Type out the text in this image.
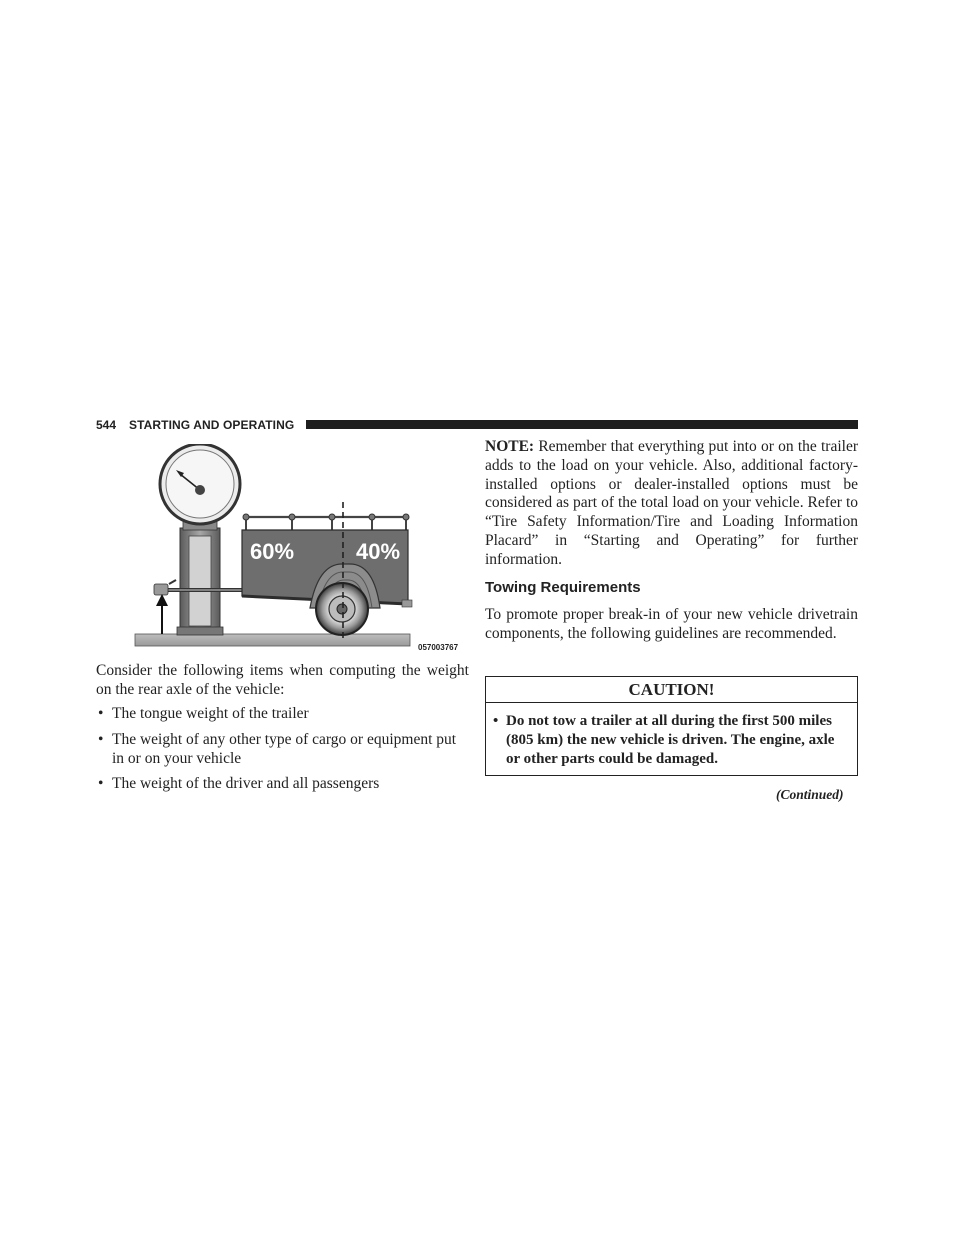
544 STARTING AND OPERATING
60%	40%
057003767

Consider the following items when computing the weight on the rear axle of the vehicle:

• The tongue weight of the trailer
• The weight of any other type of cargo or equipment put in or on your vehicle
• The weight of the driver and all passengers

NOTE: Remember that everything put into or on the trailer adds to the load on your vehicle. Also, additional factory-installed options or dealer-installed options must be considered as part of the total load on your vehicle. Refer to “Tire Safety Information/Tire and Loading Information Placard” in “Starting and Operating” for further information.

Towing Requirements

To promote proper break-in of your new vehicle drivetrain components, the following guidelines are recommended.

CAUTION!
• Do not tow a trailer at all during the first 500 miles (805 km) the new vehicle is driven. The engine, axle or other parts could be damaged.
(Continued)
